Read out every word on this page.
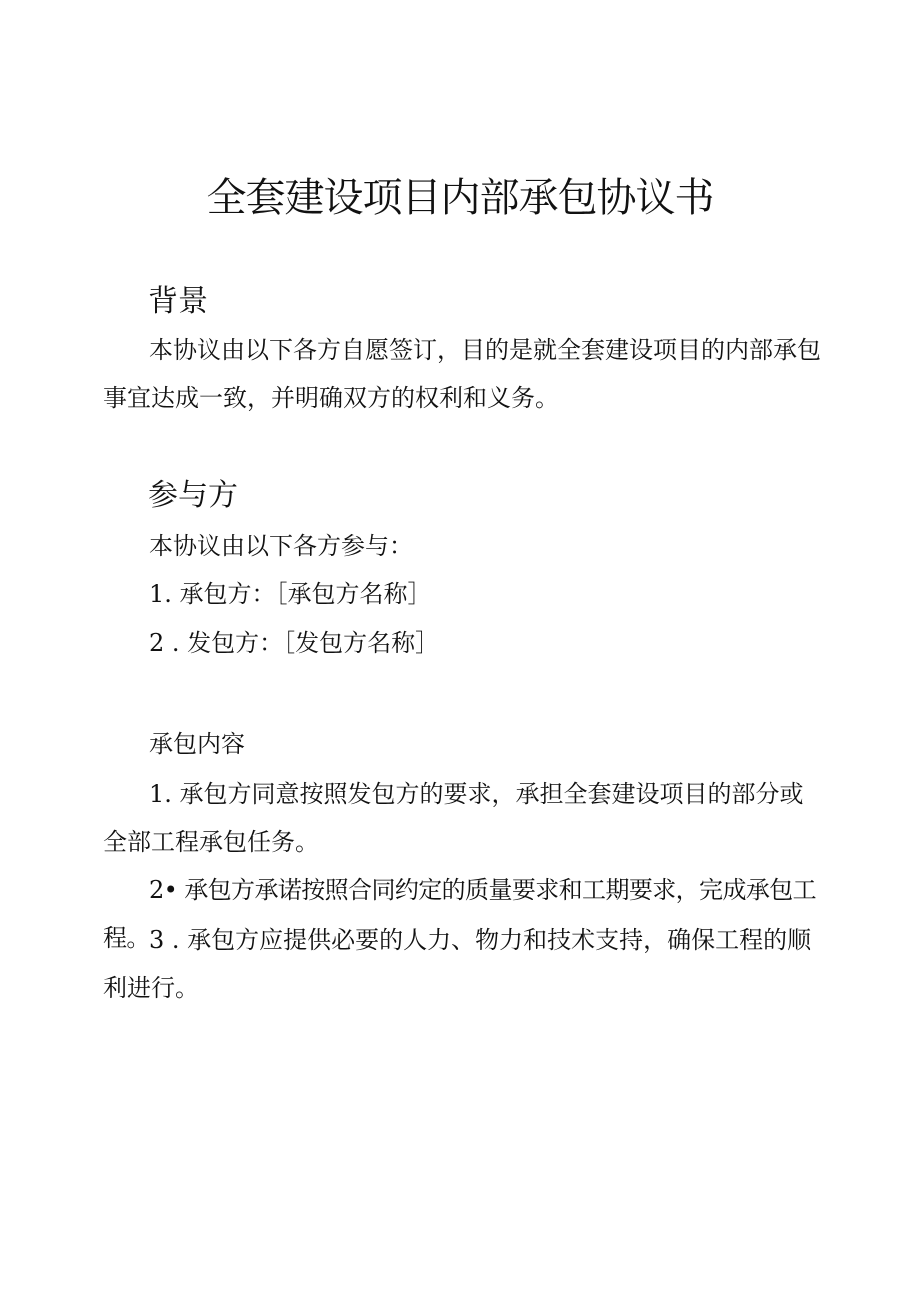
全套建设项目内部承包协议书
背景
本协议由以下各方自愿签订，目的是就全套建设项目的内部承包事宜达成一致，并明确双方的权利和义务。
参与方
本协议由以下各方参与：
1. 承包方：［承包方名称］
2 . 发包方：［发包方名称］
承包内容
1. 承包方同意按照发包方的要求，承担全套建设项目的部分或全部工程承包任务。
2• 承包方承诺按照合同约定的质量要求和工期要求，完成承包工程。 3 . 承包方应提供必要的人力、物力和技术支持，确保工程的顺利进行。
